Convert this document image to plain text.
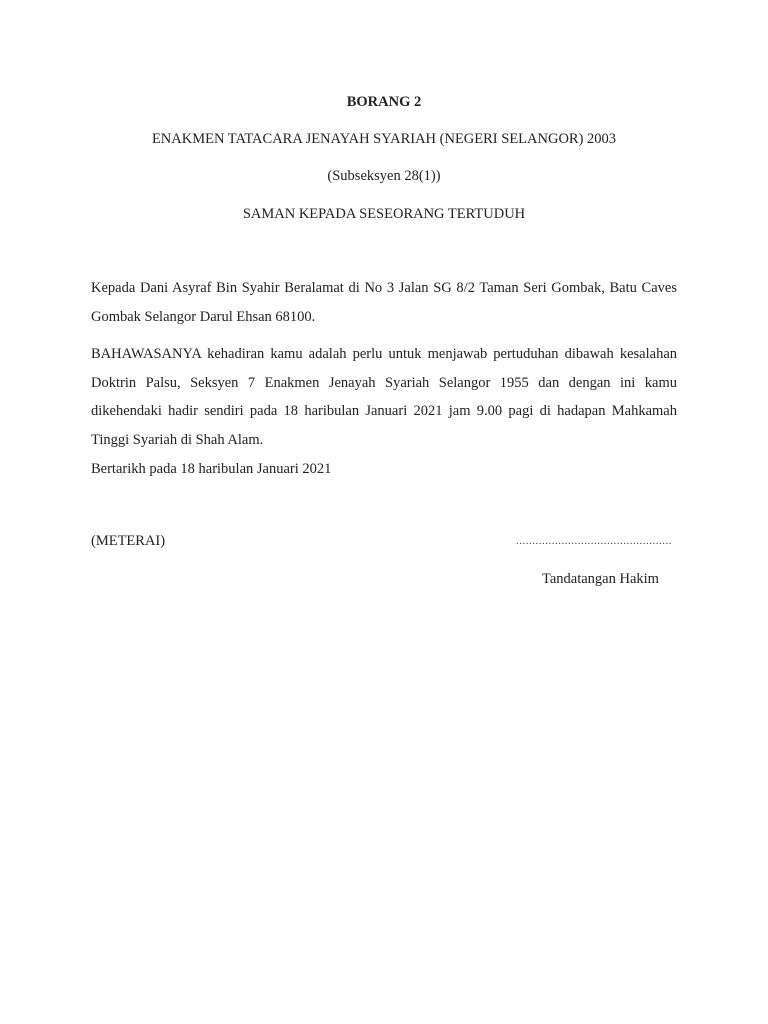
BORANG 2
ENAKMEN TATACARA JENAYAH SYARIAH (NEGERI SELANGOR) 2003
(Subseksyen 28(1))
SAMAN KEPADA SESEORANG TERTUDUH

Kepada Dani Asyraf Bin Syahir Beralamat di No 3 Jalan SG 8/2 Taman Seri Gombak, Batu Caves Gombak Selangor Darul Ehsan 68100.

BAHAWASANYA kehadiran kamu adalah perlu untuk menjawab pertuduhan dibawah kesalahan Doktrin Palsu, Seksyen 7 Enakmen Jenayah Syariah Selangor 1955 dan dengan ini kamu dikehendaki hadir sendiri pada 18 haribulan Januari 2021 jam 9.00 pagi di hadapan Mahkamah Tinggi Syariah di Shah Alam.

Bertarikh pada 18 haribulan Januari 2021

(METERAI)	................................................
Tandatangan Hakim
